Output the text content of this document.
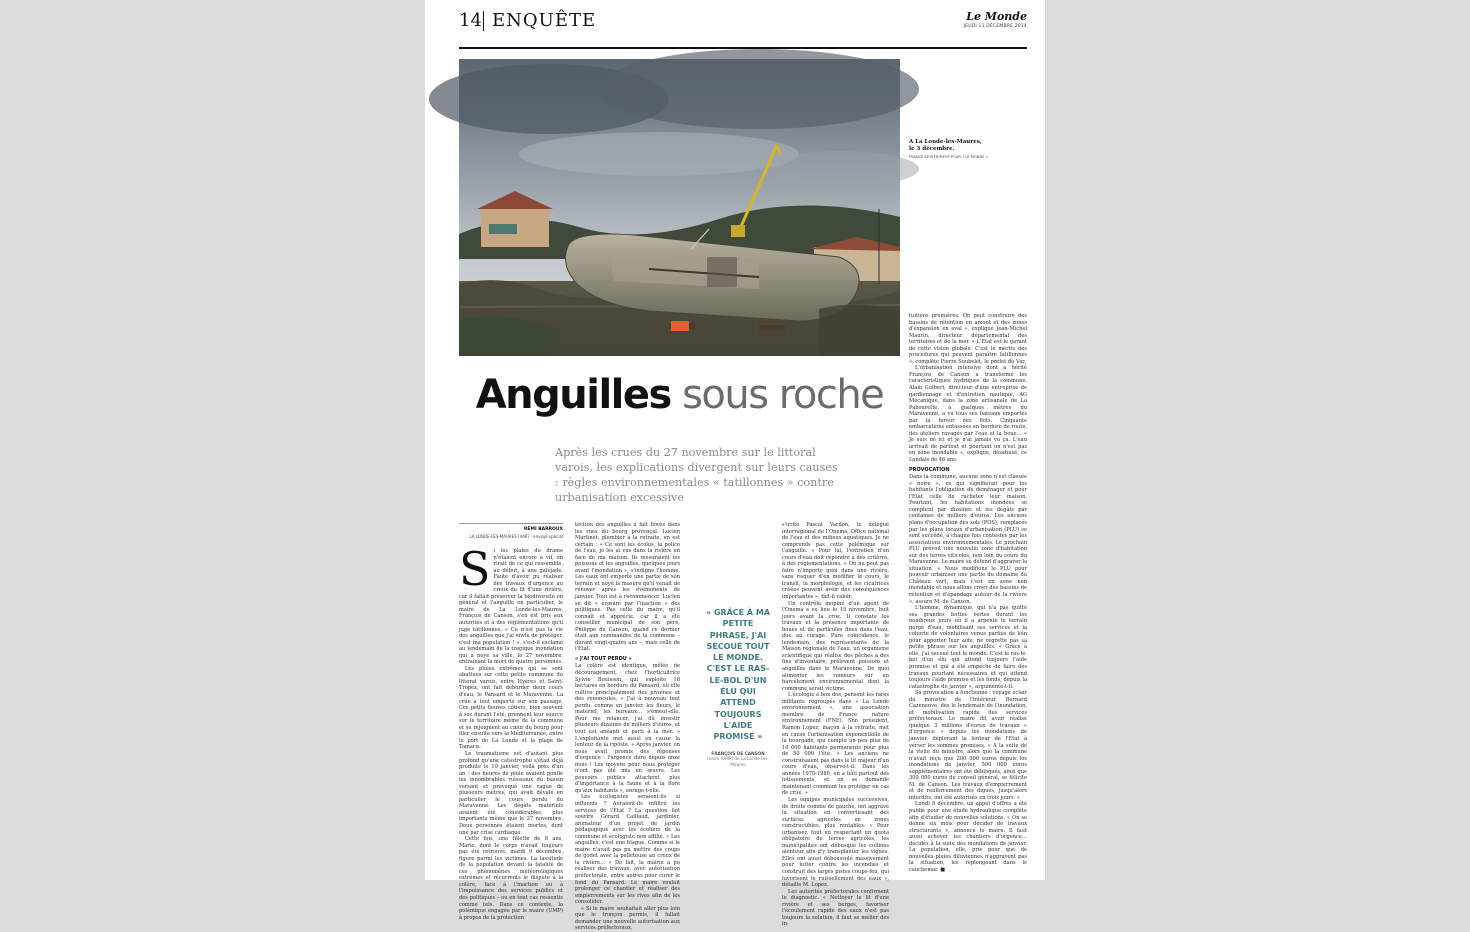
14 ENQUÊTE	Le Monde
JEUDI 11 DÉCEMBRE 2014
A La Londe-les-Maures, le 3 décembre.
FRANCE KEYSER/MYOP POUR « LE MONDE »
Anguilles sous roche
Après les crues du 27 novembre sur le littoral varois, les explications divergent sur leurs causes : règles environnementales « tatillonnes » contre urbanisation excessive
RÉMI BARROUX
LA LONDE-LES-MAURES (VAR) - envoyé spécial
S i les plaies du drame n'étaient encore à vif, on rirait de ce qui ressemble, au début, à une galéjade. Faute d'avoir pu réaliser des travaux d'urgence au creux du lit d'une rivière, car il fallait préserver la biodiversité en général et l'anguille en particulier, le maire de La Londe-les-Maures, François de Canson, s'en est pris aux autorités et à des réglementations qu'il juge tatillonnes. « Ce n'est pas la vie des anguilles que j'ai envie de protéger, c'est ma population ! », s'est-il exclamé au lendemain de la tragique inondation qui a noyé sa ville, le 27 novembre, entraînant la mort de quatre personnes.

Les pluies extrêmes qui se sont abattues sur cette petite commune du littoral varois, entre Hyères et Saint-Tropez, ont fait déborder deux cours d'eau, le Pansard et le Maravenne. La crue a tout emporté sur son passage. Ces petits fleuves côtiers, bien souvent à sec durant l'été, prennent leur source sur le territoire même de la commune et se rejoignent au cœur du bourg pour filer ensuite vers la Méditerranée, entre le port de La Londe et la plage de Tamaris.

Le traumatisme est d'autant plus profond qu'une catastrophe s'était déjà produite le 19 janvier, voilà près d'un an : des heures de pluie avaient gonflé les innombrables ruisseaux du bassin versant et provoqué une vague de plusieurs mètres, qui avait dévalé en particulier le cours perdu du Maravenne. Les dégâts matériels avaient été considérables, plus importants même que le 27 novembre. Deux personnes étaient mortes, dont une par crise cardiaque.

Cette fois, une fillette de 8 ans, Marie, dont le corps n'avait toujours pas été retrouvé, mardi 9 décembre, figure parmi les victimes. La lassitude de la population devant la fatalité de ces phénomènes météorologiques extrêmes et récurrents le dispute à la colère, face à l'inaction ou à l'impuissance des services publics et des politiques – ou en tout cas ressentis comme tels. Dans ce contexte, la polémique engagée par le maire (UMP) à propos de la protection

tection des anguilles a fait florès dans les rues du bourg provençal. Lucien Martinet, plombier à la retraite, en est certain : « Ce sont les écolos, la police de l'eau, je les ai vus dans la rivière en face de ma maison. Ils mesuraient les poissons et les anguilles, quelques jours avant l'inondation », s'indigne l'homme. Les eaux ont emporté une partie de son terrain et noyé la masure qu'il venait de rénover après les événements de janvier. Tout est à recommencer. Lucien se dit « écœuré par l'inaction » des politiques. Pas celle du maire, qu'il connaît et apprécie, car il a été conseiller municipal de son père, Philippe de Canson, quand ce dernier était aux commandes de la commune – durant vingt-quatre ans –, mais celle de l'Etat.

« J'AI TOUT PERDU »

La colère est identique, mêlée de découragement, chez l'horticultrice Sylvie Bouisson, qui exploite 18 hectares en bordure du Pansard, où elle cultive principalement des pivoines et des renoncules. « J'ai à nouveau tout perdu, comme en janvier, les fleurs, le matériel, les bureaux… s'émeut-elle. Pour me relancer, j'ai dû investir plusieurs dizaines de milliers d'euros, et tout est anéanti et parti à la mer. » L'exploitante met aussi en cause la lenteur de la riposte. « Après janvier, on nous avait promis des réponses d'urgence : l'urgence dure depuis onze mois ! Les moyens pour nous protéger n'ont pas été mis en œuvre. Les pouvoirs publics attachent plus d'importance à la faune et à la flore qu'aux habitants », enrage-t-elle.

Les écologistes seraient-ils si influents ? Auraient-ils infiltré les services de l'Etat ? La question fait sourire Gérard Caillaud, jardinier, animateur d'un projet de jardin pédagogique avec les écoliers de la commune et écologiste non affilié. « Les anguilles, c'est une blague. Comme si le maire n'avait pas pu mettre des coups de godet avec la pelleteuse au creux de la rivière… » De fait, la mairie a pu réaliser des travaux, avec autorisation préfectorale, entre autres pour curer le fond du Pansard. Le maire voulait prolonger ce chantier et réaliser des empierrements sur les rives afin de les consolider.

« Si le maire souhaitait aller plus loin que le tronçon permis, il fallait demander une nouvelle autorisation aux services préfectoraux,

« GRÂCE À MA PETITE PHRASE, J'AI SECOUÉ TOUT LE MONDE. C'EST LE RAS-LE-BOL D'UN ÉLU QUI ATTEND TOUJOURS L'AIDE PROMISE »
FRANÇOIS DE CANSON
maire (UMP) de La Londe-les-Maures

s'irrite Pascal Vardon, le délégué interrégional de l'Onema, Office national de l'eau et des milieux aquatiques. Je ne comprends pas cette polémique sur l'anguille. » Pour lui, l'entretien d'un cours d'eau doit répondre à des critères, à des réglementations. « On ne peut pas faire n'importe quoi dans une rivière, sans risquer d'en modifier le cours, le transit, la morphologie, et les cicatrices créées peuvent avoir des conséquences importantes », fait-il valoir.

Un contrôle inopiné d'un agent de l'Onema a eu lieu le 19 novembre, huit jours avant la crue. Il constate les travaux et la présence importante de boues et de particules fines dans l'eau, due au curage. Pure coïncidence, le lendemain, des représentants de la Maison régionale de l'eau, un organisme scientifique qui réalise des pêches à des fins d'inventaire, prélèvent poissons et anguilles dans le Maravenne. De quoi alimenter les rumeurs sur un harcèlement environnemental dont la commune serait victime.

L'écologie a bon dos, pensent les rares militants regroupés dans « La Londe environnement », une association membre de France nature environnement (FNE). Son président, Ramon Lopez, maçon à la retraite, met en cause l'urbanisation exponentielle de la bourgade, qui compte un peu plus de 10 000 habitants permanents pour plus de 50 000 l'été. « Les anciens ne construisaient pas dans le lit majeur d'un cours d'eau, observe-t-il. Dans les années 1970-1980, on a bâti partout des lotissements, et on se demande maintenant comment les protéger en cas de crue. »

Les équipes municipales successives, de droite comme de gauche, ont aggravé la situation en convertissant des surfaces agricoles en zones constructibles, plus rentables. « Pour urbaniser, tout en respectant un quota obligatoire de terres agricoles, les municipalités ont débusqué les collines alentour afin d'y transplanter les vignes. Elles ont aussi déboussolé massivement pour lutter contre les incendies et construit des larges pistes coupe-feu, qui favorisent le ruissellement des eaux », détaille M. Lopez.

Les autorités préfectorales confirment le diagnostic. « Nettoyer le lit d'une rivière et ses berges, favoriser l'écoulement rapide des eaux n'est pas toujours la solution, il faut se méfier des in-

tuitions premières. On peut construire des bassins de rétention en amont et des zones d'expansion en aval », explique Jean-Michel Maurin, directeur départemental des territoires et de la mer. « L'Etat est le garant de cette vision globale. C'est le mérite des procédures qui peuvent paraître tatillonnes », complète Pierre Soubelet, le préfet du Var.

L'urbanisation intensive dont a hérité François de Canson a transformé les caractéristiques hydriques de la commune. Alain Guibert, directeur d'une entreprise de gardiennage et d'entretien nautique, AG Mécanique, dans la zone artisanale de La Pabourette, à quelques mètres du Maravenne, a vu tous ses bateaux emportés par la fureur des flots. Cinquante embarcations entassées en bordure de route, des ateliers ravagés par l'eau et la boue… « Je suis né ici et je n'ai jamais vu ça. L'eau arrivait de partout et pourtant on n'est pas en zone inondable », explique, désabusé, ce Londais de 46 ans.

PROVOCATION

Dans la commune, aucune zone n'est classée « noire », ce qui signifierait pour les habitants l'obligation de déménager et pour l'Etat celle de racheter leur maison. Pourtant, les habitations inondées se comptent par dizaines et les dégâts par centaines de milliers d'euros. Les anciens plans d'occupation des sols (POS), remplacés par les plans locaux d'urbanisation (PLU) se sont succédé, à chaque fois contestés par les associations environnementales. Le prochain PLU prévoit une nouvelle zone d'habitation sur des terres viticoles, non loin du cours du Maravenne. Le maire se défend d'aggraver la situation. « Nous modifions le PLU pour pouvoir urbaniser une partie du domaine du Château vert, mais c'est en zone non inondable et nous allons créer des bassins de rétention et d'épandage autour de la rivière », assure M. de Canson.

L'homme, dynamique, qui n'a pas quitté ses grandes bottes vertes durant les nombreux jours où il a arpenté le terrain gorgé d'eau, mobilisant ses services et la cohorte de volontaires venus parfois de loin pour apporter leur aide, ne regrette pas sa petite phrase sur les anguilles. « Grâce à elle, j'ai secoué tout le monde. C'est le ras-le-bol d'un élu qui attend toujours l'aide promise et qui a été empêché de faire des travaux pourtant nécessaires et qui attend toujours l'aide promise et les fonds, depuis la catastrophe de janvier », argumente-t-il.

Sa provocation a fonctionné : voyage éclair du ministre de l'intérieur, Bernard Cazeneuve, dès le lendemain de l'inondation, et mobilisation rapide des services préfectoraux. Le maire dit avoir réalisé quelque 3 millions d'euros de travaux « d'urgence » depuis les inondations de janvier, déplorant la lenteur de l'Etat à verser les sommes promises. « A la suite de la visite du ministre, alors que la commune n'avait reçu que 200 000 euros depuis les inondations de janvier, 500 000 euros supplémentaires ont été débloqués, ainsi que 300 000 euros du conseil général, se félicite M. de Canson. Les travaux d'empierrement et de renforcement des digues, jusqu'alors interdits, ont été autorisés en trois jours. »

Lundi 8 décembre, un appel d'offres a été publié pour une étude hydraulique complète afin d'étudier de nouvelles solutions. « On se donne six mois pour décider de travaux structurants », annonce le maire. Il faut aussi achever les chantiers d'urgence… décidés à la suite des inondations de janvier. La population, elle, prie pour que de nouvelles pluies diluviennes n'aggravent pas la situation, les replongeant dans le cauchemar. ■
